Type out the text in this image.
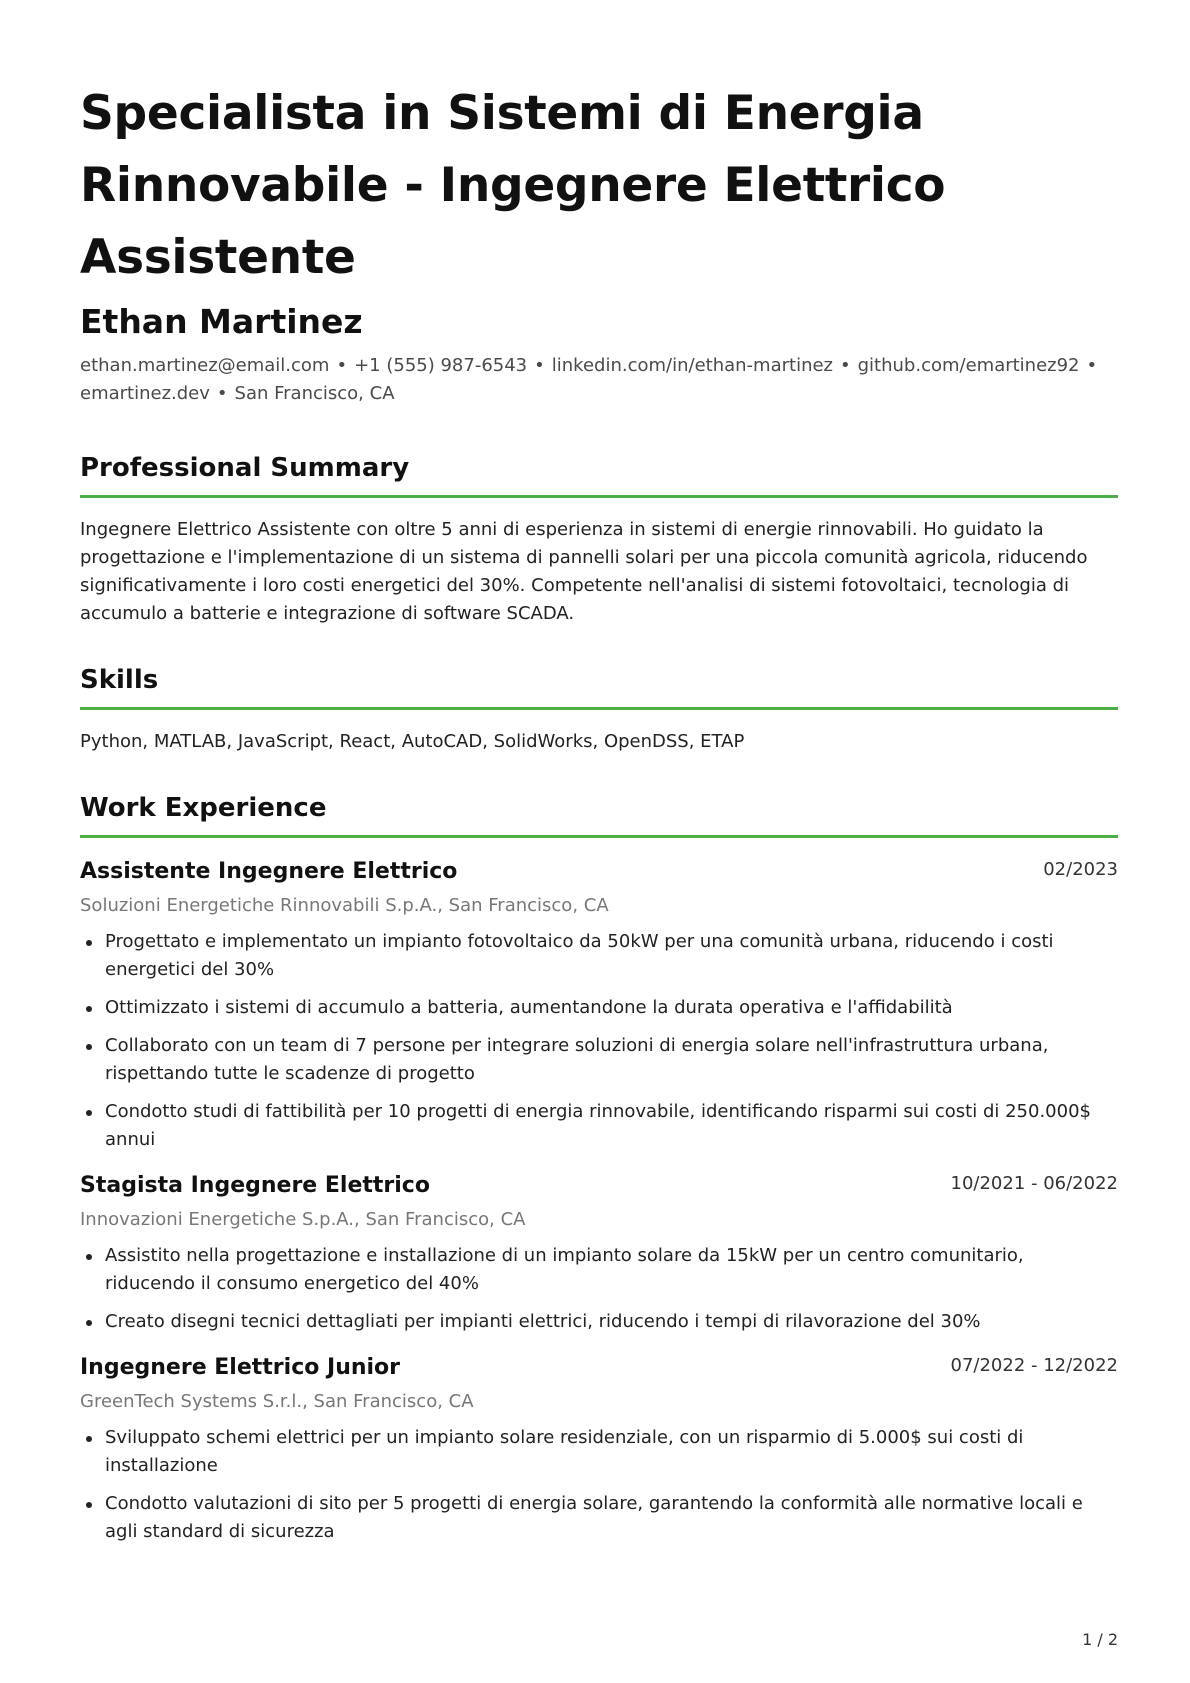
Specialista in Sistemi di Energia Rinnovabile - Ingegnere Elettrico Assistente
Ethan Martinez
ethan.martinez@email.com • +1 (555) 987-6543 • linkedin.com/in/ethan-martinez • github.com/emartinez92 •
emartinez.dev • San Francisco, CA
Professional Summary

Ingegnere Elettrico Assistente con oltre 5 anni di esperienza in sistemi di energie rinnovabili. Ho guidato la progettazione e l'implementazione di un sistema di pannelli solari per una piccola comunità agricola, riducendo significativamente i loro costi energetici del 30%. Competente nell'analisi di sistemi fotovoltaici, tecnologia di accumulo a batterie e integrazione di software SCADA.

Skills

Python, MATLAB, JavaScript, React, AutoCAD, SolidWorks, OpenDSS, ETAP

Work Experience
Assistente Ingegnere Elettrico	02/2023
Soluzioni Energetiche Rinnovabili S.p.A., San Francisco, CA
Progettato e implementato un impianto fotovoltaico da 50kW per una comunità urbana, riducendo i costi energetici del 30%
Ottimizzato i sistemi di accumulo a batteria, aumentandone la durata operativa e l'affidabilità
Collaborato con un team di 7 persone per integrare soluzioni di energia solare nell'infrastruttura urbana, rispettando tutte le scadenze di progetto
Condotto studi di fattibilità per 10 progetti di energia rinnovabile, identificando risparmi sui costi di 250.000$ annui
Stagista Ingegnere Elettrico	10/2021 - 06/2022
Innovazioni Energetiche S.p.A., San Francisco, CA
Assistito nella progettazione e installazione di un impianto solare da 15kW per un centro comunitario, riducendo il consumo energetico del 40%
Creato disegni tecnici dettagliati per impianti elettrici, riducendo i tempi di rilavorazione del 30%
Ingegnere Elettrico Junior	07/2022 - 12/2022
GreenTech Systems S.r.l., San Francisco, CA
Sviluppato schemi elettrici per un impianto solare residenziale, con un risparmio di 5.000$ sui costi di installazione
Condotto valutazioni di sito per 5 progetti di energia solare, garantendo la conformità alle normative locali e agli standard di sicurezza
1 / 2
